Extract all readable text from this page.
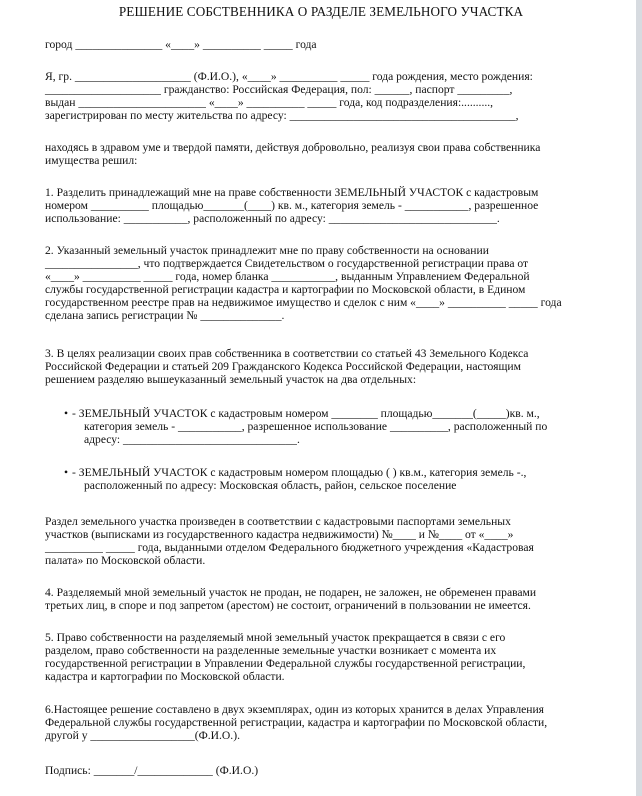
РЕШЕНИЕ СОБСТВЕННИКА О РАЗДЕЛЕ ЗЕМЕЛЬНОГО УЧАСТКА
город _______________ «____» __________ _____ года
Я, гр. ____________________ (Ф.И.О.), «____» __________ _____ года рождения, место рождения:
____________________ гражданство: Российская Федерация, пол: ______, паспорт _________,
выдан ______________________ «____» __________ _____ года, код подразделения:..........,
зарегистрирован по месту жительства по адресу: _______________________________________,
находясь в здравом уме и твердой памяти, действуя добровольно, реализуя свои права собственника
имущества решил:
1. Разделить принадлежащий мне на праве собственности ЗЕМЕЛЬНЫЙ УЧАСТОК с кадастровым
номером __________ площадью_______(____) кв. м., категория земель - ___________, разрешенное
использование: ___________, расположенный по адресу: _____________________________.
2. Указанный земельный участок принадлежит мне по праву собственности на основании
________________, что подтверждается Свидетельством о государственной регистрации права от
«____» __________ _____ года, номер бланка ___________, выданным Управлением Федеральной
службы государственной регистрации кадастра и картографии по Московской области, в Едином
государственном реестре прав на недвижимое имущество и сделок с ним «____» __________ _____ года
сделана запись регистрации № ______________.
3. В целях реализации своих прав собственника в соответствии со статьей 43 Земельного Кодекса
Российской Федерации и статьей 209 Гражданского Кодекса Российской Федерации, настоящим
решением разделяю вышеуказанный земельный участок на два отдельных:
• - ЗЕМЕЛЬНЫЙ УЧАСТОК с кадастровым номером ________ площадью_______(_____)кв. м.,
категория земель - ___________, разрешенное использование __________, расположенный по
адресу: ______________________________.
• - ЗЕМЕЛЬНЫЙ УЧАСТОК с кадастровым номером площадью ( ) кв.м., категория земель -.,
расположенный по адресу: Московская область, район, сельское поселение
Раздел земельного участка произведен в соответствии с кадастровыми паспортами земельных
участков (выписками из государственного кадастра недвижимости) №____ и №____ от «____»
__________ _____ года, выданными отделом Федерального бюджетного учреждения «Кадастровая
палата» по Московской области.
4. Разделяемый мной земельный участок не продан, не подарен, не заложен, не обременен правами
третьих лиц, в споре и под запретом (арестом) не состоит, ограничений в пользовании не имеется.
5. Право собственности на разделяемый мной земельный участок прекращается в связи с его
разделом, право собственности на разделенные земельные участки возникает с момента их
государственной регистрации в Управлении Федеральной службы государственной регистрации,
кадастра и картографии по Московской области.
6.Настоящее решение составлено в двух экземплярах, один из которых хранится в делах Управления
Федеральной службы государственной регистрации, кадастра и картографии по Московской области,
другой у __________________(Ф.И.О.).
Подпись: _______/_____________ (Ф.И.О.)
